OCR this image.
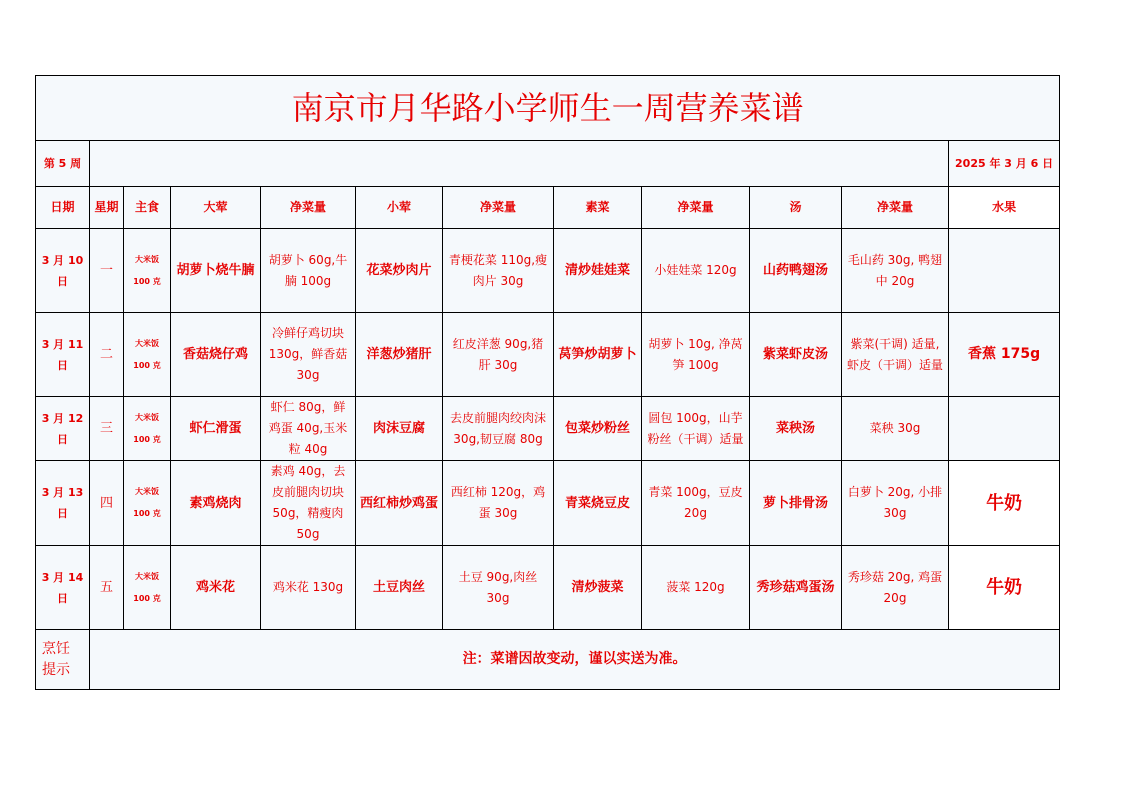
南京市月华路小学师生一周营养菜谱											
第 5 周											2025 年 3 月 6 日
日期	星期	主食	大荤	净菜量	小荤	净菜量	素菜	净菜量	汤	净菜量	水果
3 月 10 日	一	大米饭 100 克	胡萝卜烧牛腩	胡萝卜 60g,牛腩 100g	花菜炒肉片	青梗花菜 110g,瘦肉片 30g	清炒娃娃菜	小娃娃菜 120g	山药鸭翅汤	毛山药 30g, 鸭翅中 20g	
3 月 11 日	二	大米饭 100 克	香菇烧仔鸡	冷鲜仔鸡切块 130g，鲜香菇 30g	洋葱炒猪肝	红皮洋葱 90g,猪肝 30g	莴笋炒胡萝卜	胡萝卜 10g, 净莴笋 100g	紫菜虾皮汤	紫菜(干调) 适量, 虾皮（干调）适量	香蕉 175g
3 月 12 日	三	大米饭 100 克	虾仁滑蛋	虾仁 80g，鲜鸡蛋 40g,玉米粒 40g	肉沫豆腐	去皮前腿肉绞肉沫 30g,韧豆腐 80g	包菜炒粉丝	圆包 100g，山芋粉丝（干调）适量	菜秧汤	菜秧 30g	
3 月 13 日	四	大米饭 100 克	素鸡烧肉	素鸡 40g，去皮前腿肉切块 50g，精瘦肉 50g	西红柿炒鸡蛋	西红柿 120g，鸡蛋 30g	青菜烧豆皮	青菜 100g，豆皮 20g	萝卜排骨汤	白萝卜 20g, 小排 30g	牛奶
3 月 14 日	五	大米饭 100 克	鸡米花	鸡米花 130g	土豆肉丝	土豆 90g,肉丝 30g	清炒菠菜	菠菜 120g	秀珍菇鸡蛋汤	秀珍菇 20g, 鸡蛋 20g	牛奶
烹饪提示	注：菜谱因故变动，谨以实送为准。										
